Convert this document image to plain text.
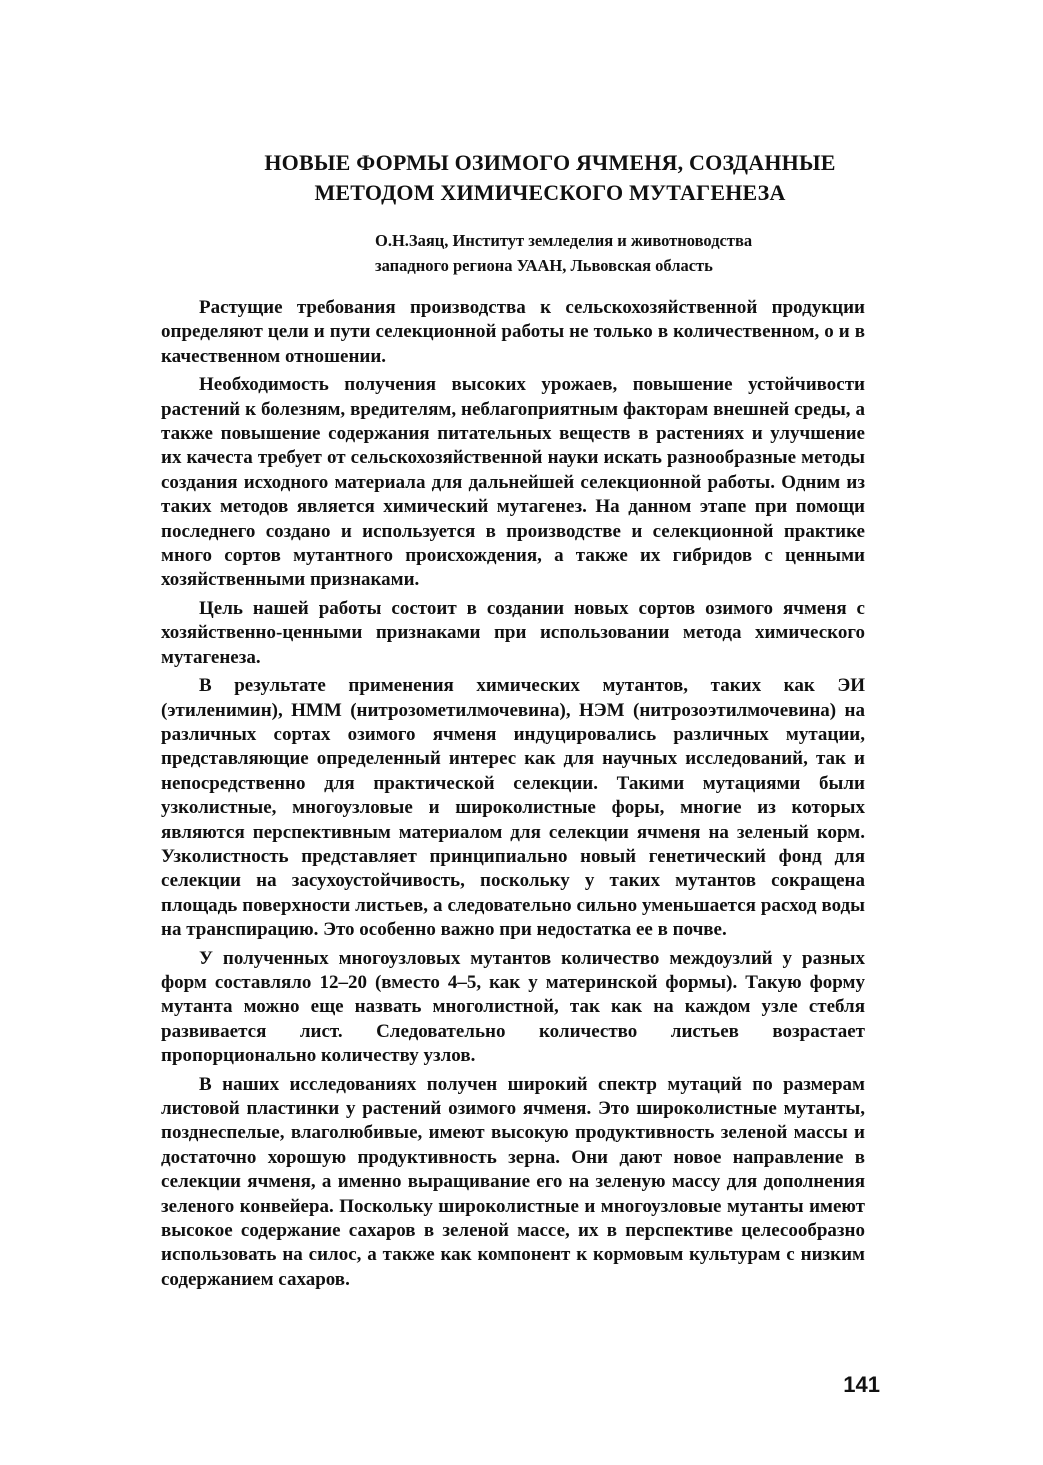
НОВЫЕ ФОРМЫ ОЗИМОГО ЯЧМЕНЯ, СОЗДАННЫЕ
МЕТОДОМ ХИМИЧЕСКОГО МУТАГЕНЕЗА
О.Н.Заяц, Институт земледелия и животноводства
западного региона УААН, Львовская область

Растущие требования производства к сельскохозяйственной продукции определяют цели и пути селекционной работы не только в количественном, о и в качественном отношении.

Необходимость получения высоких урожаев, повышение устойчивости растений к болезням, вредителям, неблагоприятным факторам внешней среды, а также повышение содержания питательных веществ в растениях и улучшение их качеста требует от сельскохозяйственной науки искать разнообразные методы создания исходного материала для дальнейшей селекционной работы. Одним из таких методов является химический мутагенез. На данном этапе при помощи последнего создано и используется в производстве и селекционной практике много сортов мутантного происхождения, а также их гибридов с ценными хозяйственными признаками.

Цель нашей работы состоит в создании новых сортов озимого ячменя с хозяйственно-ценными признаками при использовании метода химического мутагенеза.

В результате применения химических мутантов, таких как ЭИ (этиленимин), НММ (нитрозометилмочевина), НЭМ (нитрозоэтилмочевина) на различных сортах озимого ячменя индуцировались различных мутации, представляющие определенный интерес как для научных исследований, так и непосредственно для практической селекции. Такими мутациями были узколистные, многоузловые и широколистные форы, многие из которых являются перспективным материалом для селекции ячменя на зеленый корм. Узколистность представляет принципиально новый генетический фонд для селекции на засухоустойчивость, поскольку у таких мутантов сокращена площадь поверхности листьев, а следовательно сильно уменьшается расход воды на транспирацию. Это особенно важно при недостатка ее в почве.

У полученных многоузловых мутантов количество междоузлий у разных форм составляло 12–20 (вместо 4–5, как у материнской формы). Такую форму мутанта можно еще назвать многолистной, так как на каждом узле стебля развивается лист. Следовательно количество листьев возрастает пропорционально количеству узлов.

В наших исследованиях получен широкий спектр мутаций по размерам листовой пластинки у растений озимого ячменя. Это широколистные мутанты, позднеспелые, влаголюбивые, имеют высокую продуктивность зеленой массы и достаточно хорошую продуктивность зерна. Они дают новое направление в селекции ячменя, а именно выращивание его на зеленую массу для дополнения зеленого конвейера. Поскольку широколистные и многоузловые мутанты имеют высокое содержание сахаров в зеленой массе, их в перспективе целесообразно использовать на силос, а также как компонент к кормовым культурам с низким содержанием сахаров.

141
